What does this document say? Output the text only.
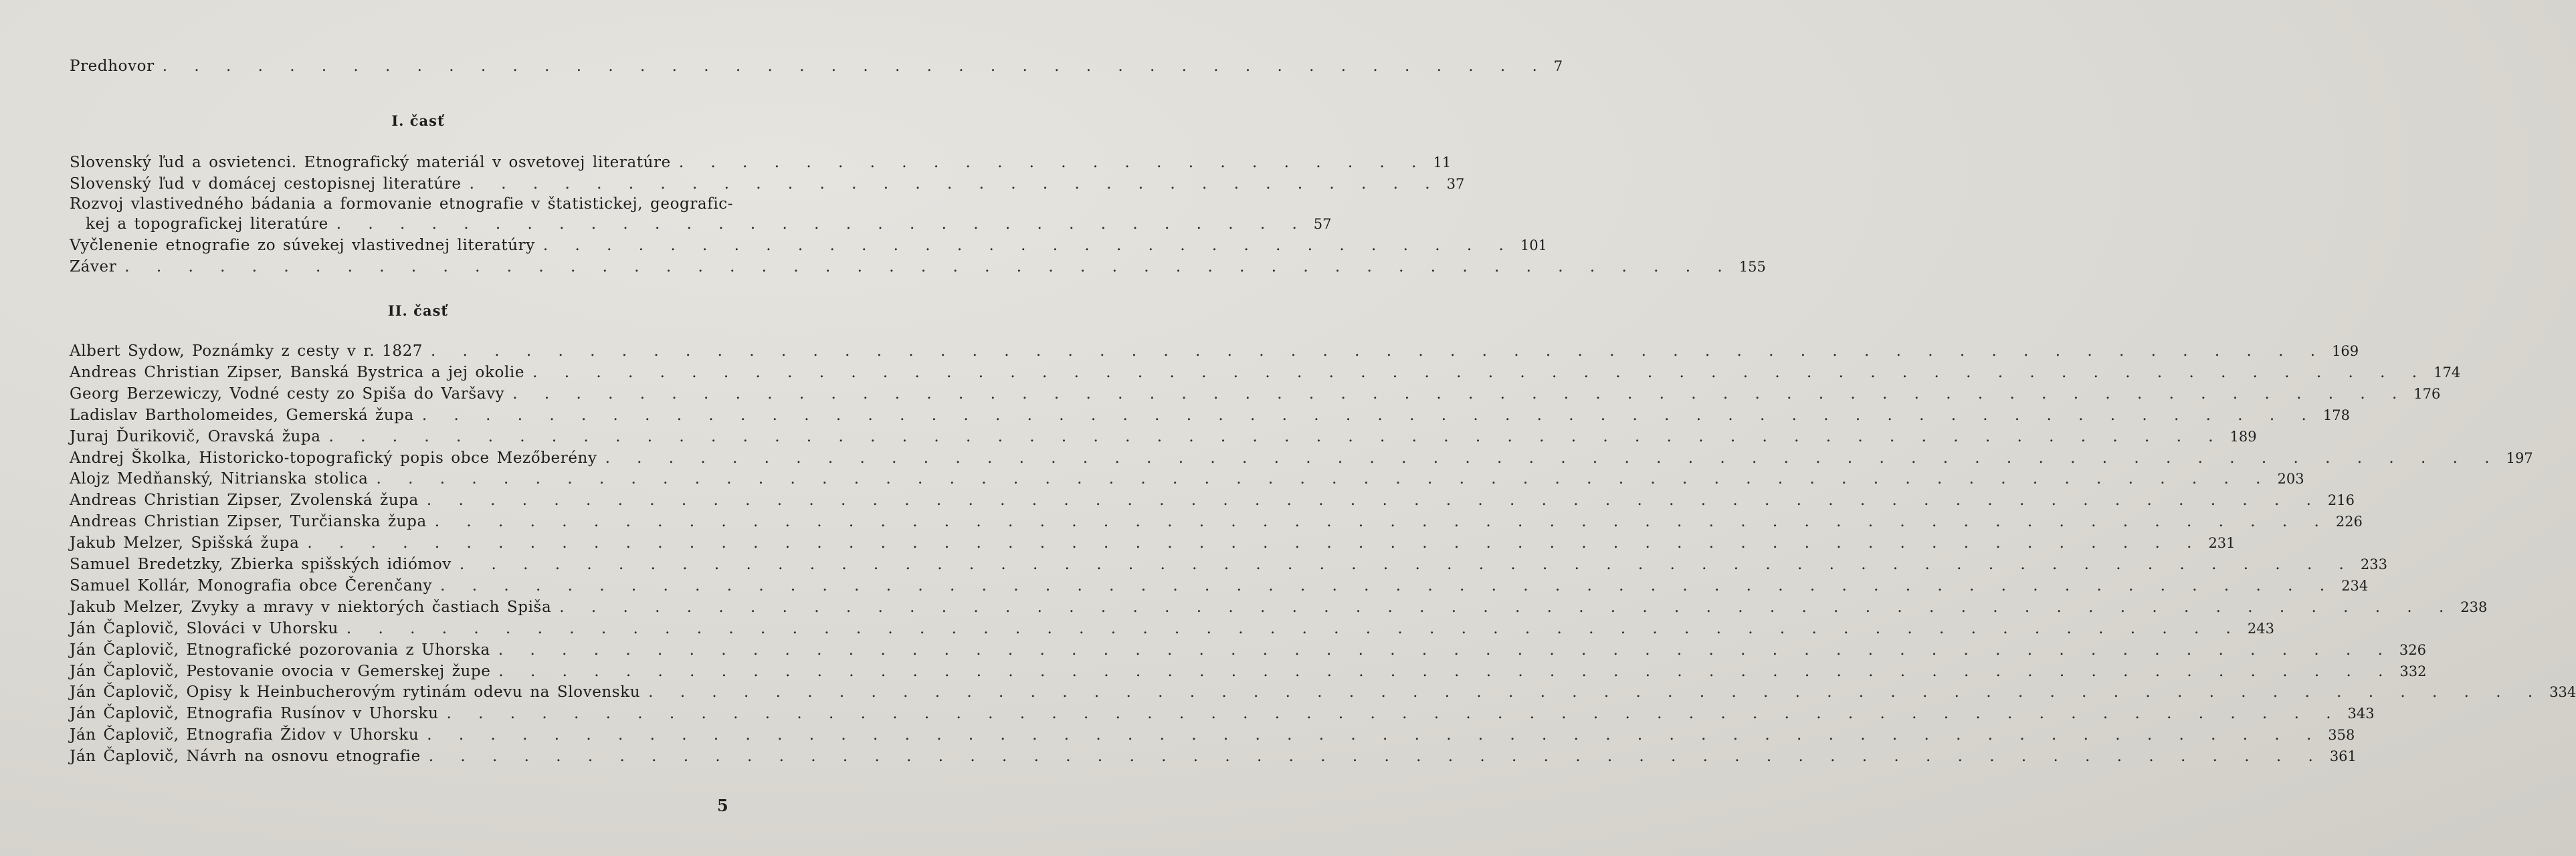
Predhovor . . . . . . . . . . . . . . . . . . . . . . . . . . . . . . . . . . . . . . . . . . . . 7
I. časť
Slovenský ľud a osvietenci. Etnografický materiál v osvetovej literatúre . . . . . . . . . . . . . . . . . . . . . . . . 11
Slovenský ľud v domácej cestopisnej literatúre . . . . . . . . . . . . . . . . . . . . . . . . . . . . . . . 37
Rozvoj vlastivedného bádania a formovanie etnografie v štatistickej, geografic-
kej a topografickej literatúre . . . . . . . . . . . . . . . . . . . . . . . . . . . . . . . 57
Vyčlenenie etnografie zo súvekej vlastivednej literatúry . . . . . . . . . . . . . . . . . . . . . . . . . . . . . . . 101
Záver . . . . . . . . . . . . . . . . . . . . . . . . . . . . . . . . . . . . . . . . . . . . . . . . . . . 155
II. časť
Albert Sydow, Poznámky z cesty v r. 1827 . . . . . . . . . . . . . . . . . . . . . . . . . . . . . . . . . . . . . . . . . . . . . . . . . . . . . . . . . . . . 169
Andreas Christian Zipser, Banská Bystrica a jej okolie . . . . . . . . . . . . . . . . . . . . . . . . . . . . . . . . . . . . . . . . . . . . . . . . . . . . . . . . . . . . 174
Georg Berzewiczy, Vodné cesty zo Spiša do Varšavy . . . . . . . . . . . . . . . . . . . . . . . . . . . . . . . . . . . . . . . . . . . . . . . . . . . . . . . . . . . . 176
Ladislav Bartholomeides, Gemerská župa . . . . . . . . . . . . . . . . . . . . . . . . . . . . . . . . . . . . . . . . . . . . . . . . . . . . . . . . . . . . 178
Juraj Ďurikovič, Oravská župa . . . . . . . . . . . . . . . . . . . . . . . . . . . . . . . . . . . . . . . . . . . . . . . . . . . . . . . . . . . . 189
Andrej Školka, Historicko-topografický popis obce Mezőberény . . . . . . . . . . . . . . . . . . . . . . . . . . . . . . . . . . . . . . . . . . . . . . . . . . . . . . . . . . . . 197
Alojz Medňanský, Nitrianska stolica . . . . . . . . . . . . . . . . . . . . . . . . . . . . . . . . . . . . . . . . . . . . . . . . . . . . . . . . . . . . 203
Andreas Christian Zipser, Zvolenská župa . . . . . . . . . . . . . . . . . . . . . . . . . . . . . . . . . . . . . . . . . . . . . . . . . . . . . . . . . . . . 216
Andreas Christian Zipser, Turčianska župa . . . . . . . . . . . . . . . . . . . . . . . . . . . . . . . . . . . . . . . . . . . . . . . . . . . . . . . . . . . . 226
Jakub Melzer, Spišská župa . . . . . . . . . . . . . . . . . . . . . . . . . . . . . . . . . . . . . . . . . . . . . . . . . . . . . . . . . . . . 231
Samuel Bredetzky, Zbierka spišských idiómov . . . . . . . . . . . . . . . . . . . . . . . . . . . . . . . . . . . . . . . . . . . . . . . . . . . . . . . . . . . . 233
Samuel Kollár, Monografia obce Čerenčany . . . . . . . . . . . . . . . . . . . . . . . . . . . . . . . . . . . . . . . . . . . . . . . . . . . . . . . . . . . . 234
Jakub Melzer, Zvyky a mravy v niektorých častiach Spiša . . . . . . . . . . . . . . . . . . . . . . . . . . . . . . . . . . . . . . . . . . . . . . . . . . . . . . . . . . . . 238
Ján Čaplovič, Slováci v Uhorsku . . . . . . . . . . . . . . . . . . . . . . . . . . . . . . . . . . . . . . . . . . . . . . . . . . . . . . . . . . . . 243
Ján Čaplovič, Etnografické pozorovania z Uhorska . . . . . . . . . . . . . . . . . . . . . . . . . . . . . . . . . . . . . . . . . . . . . . . . . . . . . . . . . . . . 326
Ján Čaplovič, Pestovanie ovocia v Gemerskej župe . . . . . . . . . . . . . . . . . . . . . . . . . . . . . . . . . . . . . . . . . . . . . . . . . . . . . . . . . . . . 332
Ján Čaplovič, Opisy k Heinbucherovým rytinám odevu na Slovensku . . . . . . . . . . . . . . . . . . . . . . . . . . . . . . . . . . . . . . . . . . . . . . . . . . . . . . . . . . . . 334
Ján Čaplovič, Etnografia Rusínov v Uhorsku . . . . . . . . . . . . . . . . . . . . . . . . . . . . . . . . . . . . . . . . . . . . . . . . . . . . . . . . . . . . 343
Ján Čaplovič, Etnografia Židov v Uhorsku . . . . . . . . . . . . . . . . . . . . . . . . . . . . . . . . . . . . . . . . . . . . . . . . . . . . . . . . . . . . 358
Ján Čaplovič, Návrh na osnovu etnografie . . . . . . . . . . . . . . . . . . . . . . . . . . . . . . . . . . . . . . . . . . . . . . . . . . . . . . . . . . . . 361
5
